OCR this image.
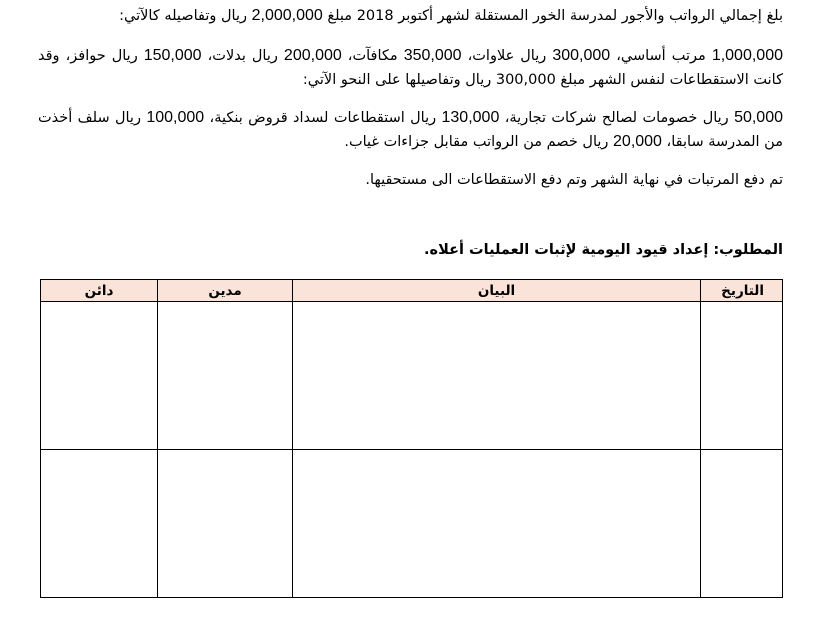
بلغ إجمالي الرواتب والأجور لمدرسة الخور المستقلة لشهر أكتوبر 2018 مبلغ 2,000,000 ريال وتفاصيله كالآتي:

1,000,000 مرتب أساسي، 300,000 ريال علاوات، 350,000 مكافآت، 200,000 ريال بدلات، 150,000 ريال حوافز، وقد كانت الاستقطاعات لنفس الشهر مبلغ 300,000 ريال وتفاصيلها على النحو الآتي:

50,000 ريال خصومات لصالح شركات تجارية، 130,000 ريال استقطاعات لسداد قروض بنكية، 100,000 ريال سلف أخذت من المدرسة سابقا، 20,000 ريال خصم من الرواتب مقابل جزاءات غياب.

تم دفع المرتبات في نهاية الشهر وتم دفع الاستقطاعات الى مستحقيها.

المطلوب: إعداد قيود اليومية لإثبات العمليات أعلاه.

التاريخ	البيان	مدين	دائن
